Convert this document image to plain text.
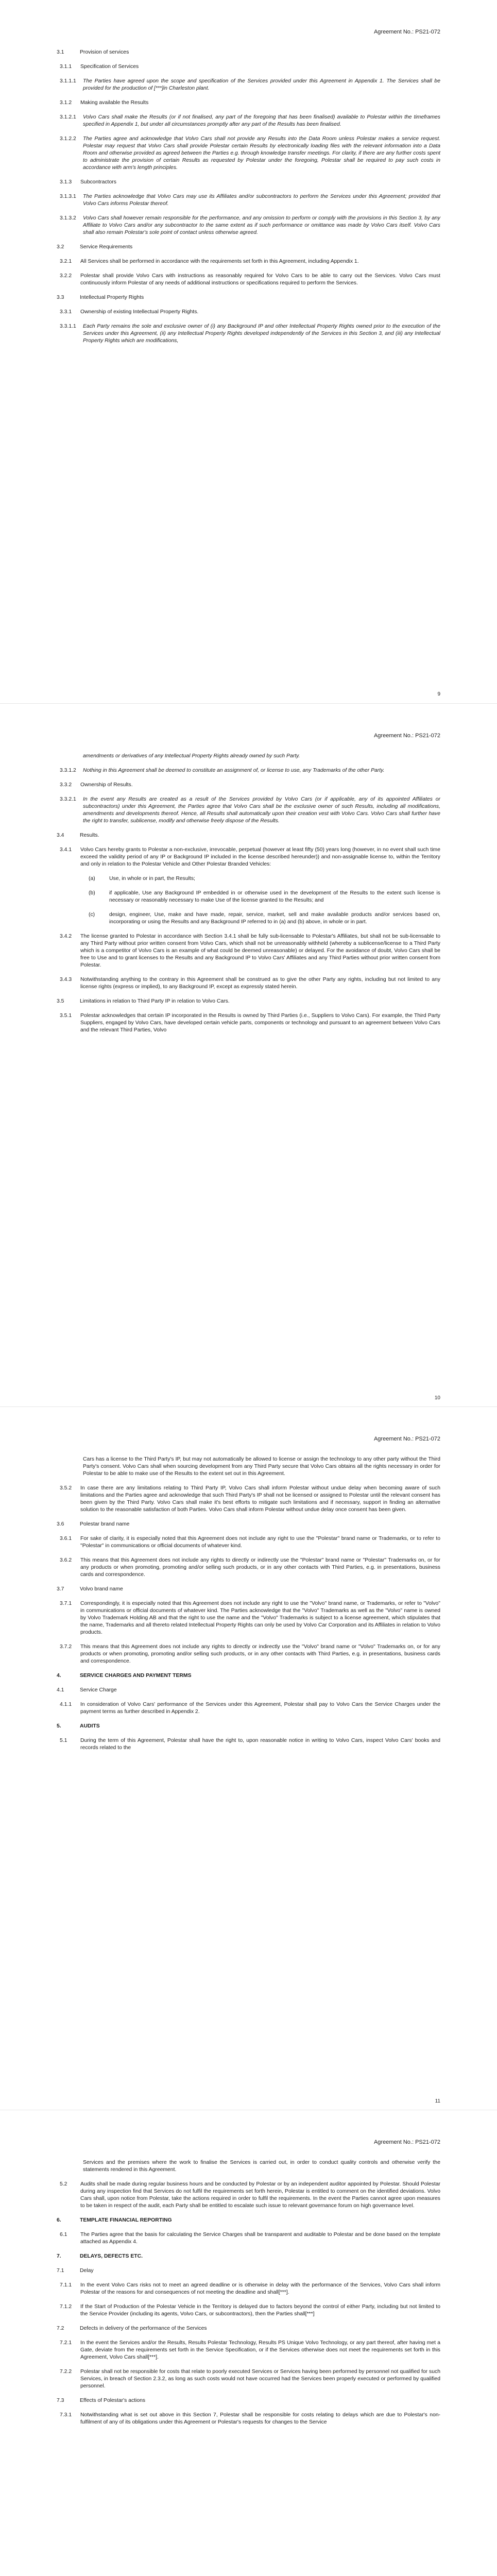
Agreement No.: PS21-072
3.1	Provision of services
3.1.1	Specification of Services
3.1.1.1	The Parties have agreed upon the scope and specification of the Services provided under this Agreement in Appendix 1. The Services shall be provided for the production of [***]in Charleston plant.
3.1.2	Making available the Results
3.1.2.1	Volvo Cars shall make the Results (or if not finalised, any part of the foregoing that has been finalised) available to Polestar within the timeframes specified in Appendix 1, but under all circumstances promptly after any part of the Results has been finalised.
3.1.2.2	The Parties agree and acknowledge that Volvo Cars shall not provide any Results into the Data Room unless Polestar makes a service request. Polestar may request that Volvo Cars shall provide Polestar certain Results by electronically loading files with the relevant information into a Data Room and otherwise provided as agreed between the Parties e.g. through knowledge transfer meetings. For clarity, if there are any further costs spent to administrate the provision of certain Results as requested by Polestar under the foregoing, Polestar shall be required to pay such costs in accordance with arm's length principles.
3.1.3	Subcontractors
3.1.3.1	The Parties acknowledge that Volvo Cars may use its Affiliates and/or subcontractors to perform the Services under this Agreement; provided that Volvo Cars informs Polestar thereof.
3.1.3.2	Volvo Cars shall however remain responsible for the performance, and any omission to perform or comply with the provisions in this Section 3, by any Affiliate to Volvo Cars and/or any subcontractor to the same extent as if such performance or omittance was made by Volvo Cars itself. Volvo Cars shall also remain Polestar's sole point of contact unless otherwise agreed.
3.2	Service Requirements
3.2.1	All Services shall be performed in accordance with the requirements set forth in this Agreement, including Appendix 1.
3.2.2	Polestar shall provide Volvo Cars with instructions as reasonably required for Volvo Cars to be able to carry out the Services. Volvo Cars must continuously inform Polestar of any needs of additional instructions or specifications required to perform the Services.
3.3	Intellectual Property Rights
3.3.1	Ownership of existing Intellectual Property Rights.
3.3.1.1	Each Party remains the sole and exclusive owner of (i) any Background IP and other Intellectual Property Rights owned prior to the execution of the Services under this Agreement, (ii) any Intellectual Property Rights developed independently of the Services in this Section 3, and (iii) any Intellectual Property Rights which are modifications,
9
Agreement No.: PS21-072
amendments or derivatives of any Intellectual Property Rights already owned by such Party.
3.3.1.2	Nothing in this Agreement shall be deemed to constitute an assignment of, or license to use, any Trademarks of the other Party.
3.3.2	Ownership of Results.
3.3.2.1	In the event any Results are created as a result of the Services provided by Volvo Cars (or if applicable, any of its appointed Affiliates or subcontractors) under this Agreement, the Parties agree that Volvo Cars shall be the exclusive owner of such Results, including all modifications, amendments and developments thereof. Hence, all Results shall automatically upon their creation vest with Volvo Cars. Volvo Cars shall further have the right to transfer, sublicense, modify and otherwise freely dispose of the Results.
3.4	Results.
3.4.1	Volvo Cars hereby grants to Polestar a non-exclusive, irrevocable, perpetual (however at least fifty (50) years long (however, in no event shall such time exceed the validity period of any IP or Background IP included in the license described hereunder)) and non-assignable license to, within the Territory and only in relation to the Polestar Vehicle and Other Polestar Branded Vehicles:
(a)	Use, in whole or in part, the Results;
(b)	if applicable, Use any Background IP embedded in or otherwise used in the development of the Results to the extent such license is necessary or reasonably necessary to make Use of the license granted to the Results; and
(c)	design, engineer, Use, make and have made, repair, service, market, sell and make available products and/or services based on, incorporating or using the Results and any Background IP referred to in (a) and (b) above, in whole or in part.
3.4.2	The license granted to Polestar in accordance with Section 3.4.1 shall be fully sub-licensable to Polestar's Affiliates, but shall not be sub-licensable to any Third Party without prior written consent from Volvo Cars, which shall not be unreasonably withheld (whereby a sublicense/license to a Third Party which is a competitor of Volvo Cars is an example of what could be deemed unreasonable) or delayed. For the avoidance of doubt, Volvo Cars shall be free to Use and to grant licenses to the Results and any Background IP to Volvo Cars' Affiliates and any Third Parties without prior written consent from Polestar.
3.4.3	Notwithstanding anything to the contrary in this Agreement shall be construed as to give the other Party any rights, including but not limited to any license rights (express or implied), to any Background IP, except as expressly stated herein.
3.5	Limitations in relation to Third Party IP in relation to Volvo Cars.
3.5.1	Polestar acknowledges that certain IP incorporated in the Results is owned by Third Parties (i.e., Suppliers to Volvo Cars). For example, the Third Party Suppliers, engaged by Volvo Cars, have developed certain vehicle parts, components or technology and pursuant to an agreement between Volvo Cars and the relevant Third Parties, Volvo
10
Agreement No.: PS21-072
Cars has a license to the Third Party's IP, but may not automatically be allowed to license or assign the technology to any other party without the Third Party's consent. Volvo Cars shall when sourcing development from any Third Party secure that Volvo Cars obtains all the rights necessary in order for Polestar to be able to make use of the Results to the extent set out in this Agreement.
3.5.2	In case there are any limitations relating to Third Party IP, Volvo Cars shall inform Polestar without undue delay when becoming aware of such limitations and the Parties agree and acknowledge that such Third Party's IP shall not be licensed or assigned to Polestar until the relevant consent has been given by the Third Party. Volvo Cars shall make it's best efforts to mitigate such limitations and if necessary, support in finding an alternative solution to the reasonable satisfaction of both Parties. Volvo Cars shall inform Polestar without undue delay once consent has been given.
3.6	Polestar brand name
3.6.1	For sake of clarity, it is especially noted that this Agreement does not include any right to use the "Polestar" brand name or Trademarks, or to refer to "Polestar" in communications or official documents of whatever kind.
3.6.2	This means that this Agreement does not include any rights to directly or indirectly use the "Polestar" brand name or "Polestar" Trademarks on, or for any products or when promoting, promoting and/or selling such products, or in any other contacts with Third Parties, e.g. in presentations, business cards and correspondence.
3.7	Volvo brand name
3.7.1	Correspondingly, it is especially noted that this Agreement does not include any right to use the "Volvo" brand name, or Trademarks, or refer to "Volvo" in communications or official documents of whatever kind. The Parties acknowledge that the "Volvo" Trademarks as well as the "Volvo" name is owned by Volvo Trademark Holding AB and that the right to use the name and the "Volvo" Trademarks is subject to a license agreement, which stipulates that the name, Trademarks and all thereto related Intellectual Property Rights can only be used by Volvo Car Corporation and its Affiliates in relation to Volvo products.
3.7.2	This means that this Agreement does not include any rights to directly or indirectly use the "Volvo" brand name or "Volvo" Trademarks on, or for any products or when promoting, promoting and/or selling such products, or in any other contacts with Third Parties, e.g. in presentations, business cards and correspondence.
4.	SERVICE CHARGES AND PAYMENT TERMS
4.1	Service Charge
4.1.1	In consideration of Volvo Cars' performance of the Services under this Agreement, Polestar shall pay to Volvo Cars the Service Charges under the payment terms as further described in Appendix 2.
5.	AUDITS
5.1	During the term of this Agreement, Polestar shall have the right to, upon reasonable notice in writing to Volvo Cars, inspect Volvo Cars' books and records related to the
11
Agreement No.: PS21-072
Services and the premises where the work to finalise the Services is carried out, in order to conduct quality controls and otherwise verify the statements rendered in this Agreement.
5.2	Audits shall be made during regular business hours and be conducted by Polestar or by an independent auditor appointed by Polestar. Should Polestar during any inspection find that Services do not fulfil the requirements set forth herein, Polestar is entitled to comment on the identified deviations. Volvo Cars shall, upon notice from Polestar, take the actions required in order to fulfil the requirements. In the event the Parties cannot agree upon measures to be taken in respect of the audit, each Party shall be entitled to escalate such issue to relevant governance forum on high governance level.
6.	TEMPLATE FINANCIAL REPORTING
6.1	The Parties agree that the basis for calculating the Service Charges shall be transparent and auditable to Polestar and be done based on the template attached as Appendix 4.
7.	DELAYS, DEFECTS ETC.
7.1	Delay
7.1.1	In the event Volvo Cars risks not to meet an agreed deadline or is otherwise in delay with the performance of the Services, Volvo Cars shall inform Polestar of the reasons for and consequences of not meeting the deadline and shall[***].
7.1.2	If the Start of Production of the Polestar Vehicle in the Territory is delayed due to factors beyond the control of either Party, including but not limited to the Service Provider (including its agents, Volvo Cars, or subcontractors), then the Parties shall[***]
7.2	Defects in delivery of the performance of the Services
7.2.1	In the event the Services and/or the Results, Results Polestar Technology, Results PS Unique Volvo Technology, or any part thereof, after having met a Gate, deviate from the requirements set forth in the Service Specification, or if the Services otherwise does not meet the requirements set forth in this Agreement, Volvo Cars shall[***].
7.2.2	Polestar shall not be responsible for costs that relate to poorly executed Services or Services having been performed by personnel not qualified for such Services, in breach of Section 2.3.2, as long as such costs would not have occurred had the Services been properly executed or performed by qualified personnel.
7.3	Effects of Polestar's actions
7.3.1	Notwithstanding what is set out above in this Section 7, Polestar shall be responsible for costs relating to delays which are due to Polestar's non-fulfilment of any of its obligations under this Agreement or Polestar's requests for changes to the Service
